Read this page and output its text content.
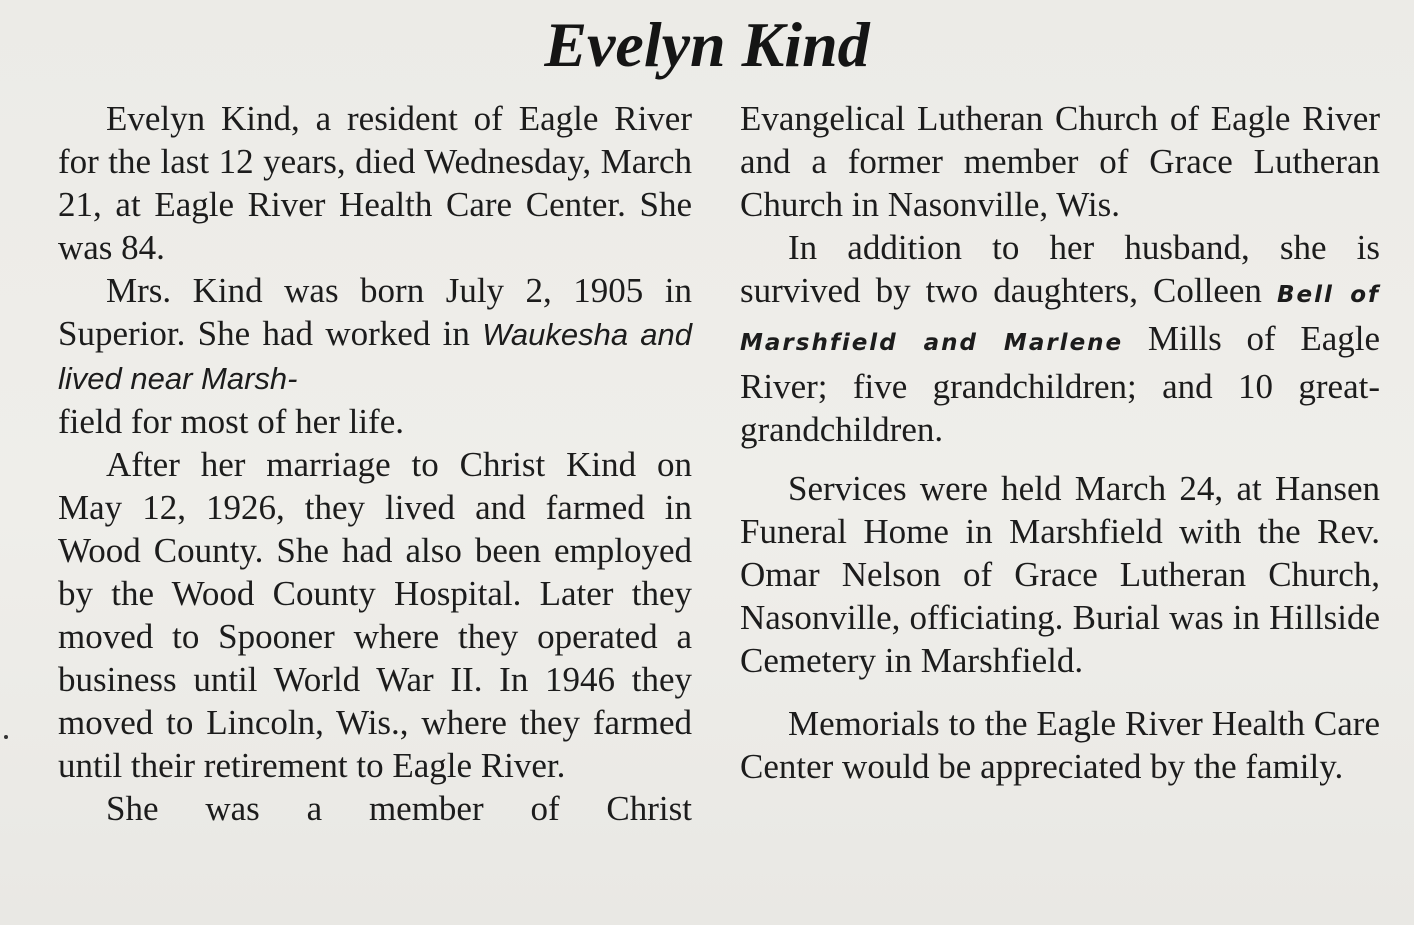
Evelyn Kind

Evelyn Kind, a resident of Eagle River for the last 12 years, died Wednesday, March 21, at Eagle River Health Care Center. She was 84.

Mrs. Kind was born July 2, 1905 in Superior. She had worked in Waukesha and lived near Marsh-
field for most of her life.

After her marriage to Christ Kind on May 12, 1926, they lived and farmed in Wood County. She had also been employed by the Wood County Hospital. Later they moved to Spooner where they operated a business until World War II. In 1946 they moved to Lincoln, Wis., where they farmed until their retirement to Eagle River.

She was a member of Christ

Evangelical Lutheran Church of Eagle River and a former member of Grace Lutheran Church in Nasonville, Wis.

In addition to her husband, she is survived by two daughters, Colleen Bell of Marshfield and Marlene Mills of Eagle River; five grandchildren; and 10 great-grandchildren.

Services were held March 24, at Hansen Funeral Home in Marshfield with the Rev. Omar Nelson of Grace Lutheran Church, Nasonville, officiating. Burial was in Hillside Cemetery in Marshfield.

Memorials to the Eagle River Health Care Center would be appreciated by the family.
